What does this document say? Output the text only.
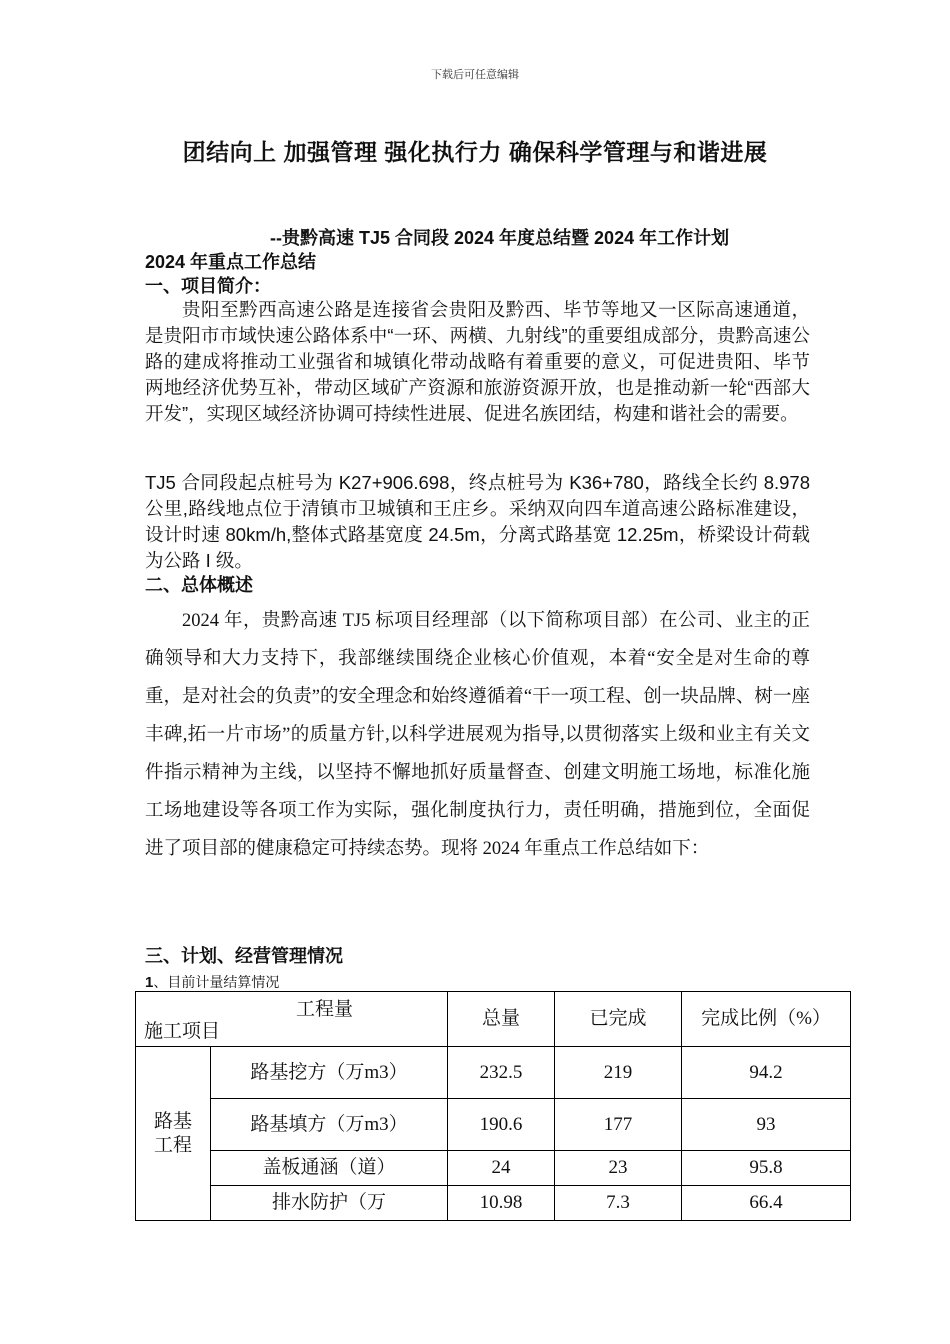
下载后可任意编辑
团结向上 加强管理 强化执行力 确保科学管理与和谐进展
--贵黔高速 TJ5 合同段 2024 年度总结暨 2024 年工作计划
2024 年重点工作总结
一、项目简介：
贵阳至黔西高速公路是连接省会贵阳及黔西、毕节等地又一区际高速通道，是贵阳市市域快速公路体系中“一环、两横、九射线”的重要组成部分，贵黔高速公路的建成将推动工业强省和城镇化带动战略有着重要的意义，可促进贵阳、毕节两地经济优势互补，带动区域矿产资源和旅游资源开放，也是推动新一轮“西部大开发”，实现区域经济协调可持续性进展、促进名族团结，构建和谐社会的需要。
TJ5 合同段起点桩号为 K27+906.698，终点桩号为 K36+780，路线全长约 8.978 公里,路线地点位于清镇市卫城镇和王庄乡。采纳双向四车道高速公路标准建设，设计时速 80km/h,整体式路基宽度 24.5m，分离式路基宽 12.25m，桥梁设计荷载为公路 I 级。
二、总体概述
2024 年，贵黔高速 TJ5 标项目经理部（以下简称项目部）在公司、业主的正确领导和大力支持下，我部继续围绕企业核心价值观，本着“安全是对生命的尊重，是对社会的负责”的安全理念和始终遵循着“干一项工程、创一块品牌、树一座丰碑,拓一片市场”的质量方针,以科学进展观为指导,以贯彻落实上级和业主有关文件指示精神为主线，以坚持不懈地抓好质量督查、创建文明施工场地，标准化施工场地建设等各项工作为实际，强化制度执行力，责任明确，措施到位，全面促进了项目部的健康稳定可持续态势。现将 2024 年重点工作总结如下：
三、计划、经营管理情况
1、目前计量结算情况
工程量
施工项目		总量	已完成	完成比例（%）
路基
工程	路基挖方（万m3）	232.5	219	94.2
	路基填方（万m3）	190.6	177	93
	盖板通涵（道）	24	23	95.8
	排水防护（万	10.98	7.3	66.4
